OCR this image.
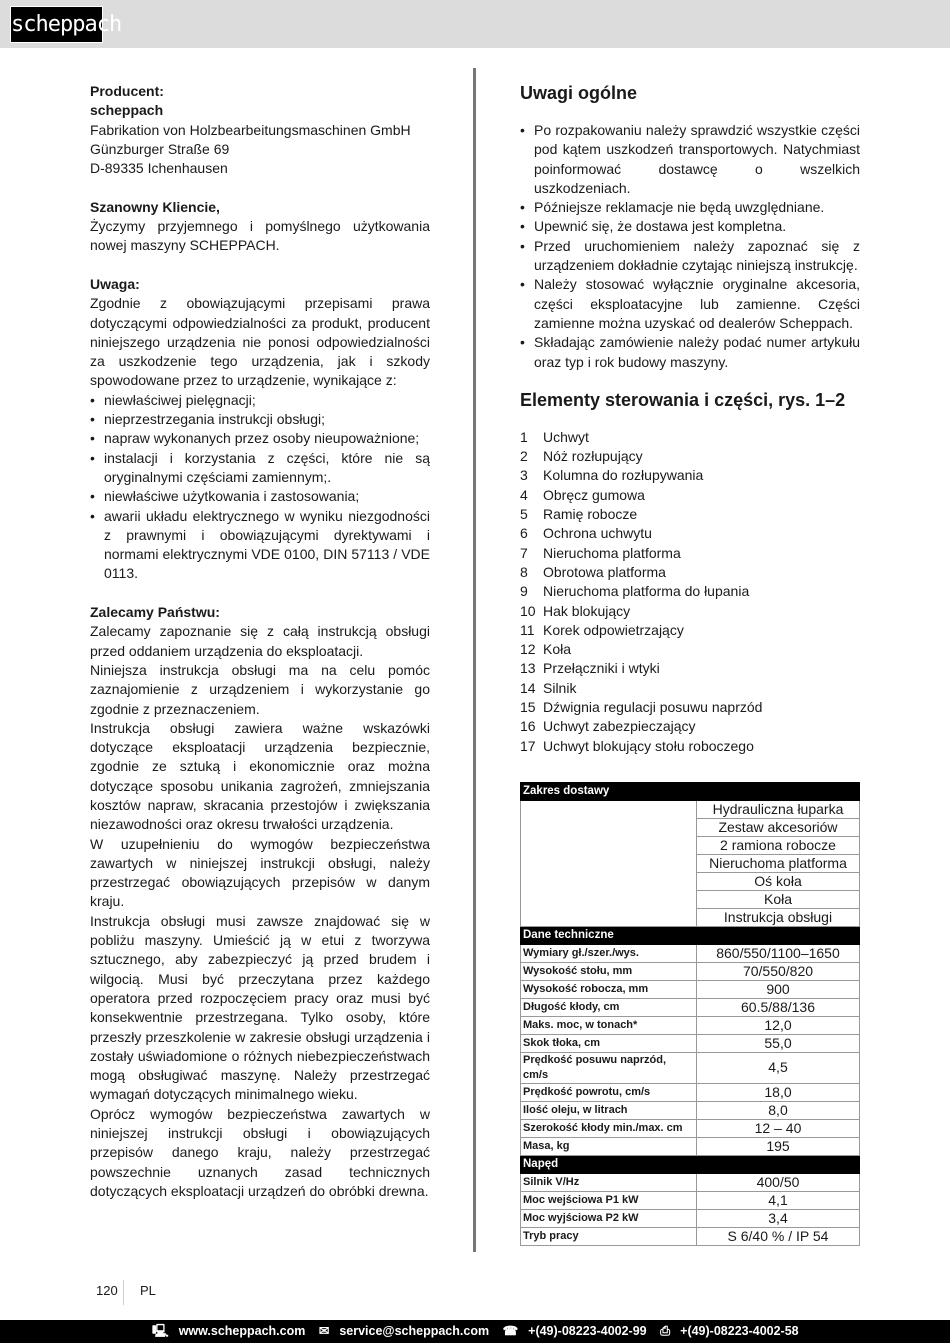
scheppach
Producent:
scheppach
Fabrikation von Holzbearbeitungsmaschinen GmbH
Günzburger Straße 69
D-89335 Ichenhausen
Szanowny Kliencie,

Życzymy przyjemnego i pomyślnego użytkowania nowej maszyny SCHEPPACH.

Uwaga:

Zgodnie z obowiązującymi przepisami prawa dotyczącymi odpowiedzialności za produkt, producent niniejszego urządzenia nie ponosi odpowiedzialności za uszkodzenie tego urządzenia, jak i szkody spowodowane przez to urządzenie, wynikające z:

• niewłaściwej pielęgnacji;
• nieprzestrzegania instrukcji obsługi;
• napraw wykonanych przez osoby nieupoważnione;
• instalacji i korzystania z części, które nie są oryginalnymi częściami zamiennym;.
• niewłaściwe użytkowania i zastosowania;
• awarii układu elektrycznego w wyniku niezgodności z prawnymi i obowiązującymi dyrektywami i normami elektrycznymi VDE 0100, DIN 57113 / VDE 0113.
Zalecamy Państwu:

Zalecamy zapoznanie się z całą instrukcją obsługi przed oddaniem urządzenia do eksploatacji.

Niniejsza instrukcja obsługi ma na celu pomóc zaznajomienie z urządzeniem i wykorzystanie go zgodnie z przeznaczeniem.

Instrukcja obsługi zawiera ważne wskazówki dotyczące eksploatacji urządzenia bezpiecznie, zgodnie ze sztuką i ekonomicznie oraz można dotyczące sposobu unikania zagrożeń, zmniejszania kosztów napraw, skracania przestojów i zwiększania niezawodności oraz okresu trwałości urządzenia.

W uzupełnieniu do wymogów bezpieczeństwa zawartych w niniejszej instrukcji obsługi, należy przestrzegać obowiązujących przepisów w danym kraju.

Instrukcja obsługi musi zawsze znajdować się w pobliżu maszyny. Umieścić ją w etui z tworzywa sztucznego, aby zabezpieczyć ją przed brudem i wilgocią. Musi być przeczytana przez każdego operatora przed rozpoczęciem pracy oraz musi być konsekwentnie przestrzegana. Tylko osoby, które przeszły przeszkolenie w zakresie obsługi urządzenia i zostały uświadomione o różnych niebezpieczeństwach mogą obsługiwać maszynę. Należy przestrzegać wymagań dotyczących minimalnego wieku.

Oprócz wymogów bezpieczeństwa zawartych w niniejszej instrukcji obsługi i obowiązujących przepisów danego kraju, należy przestrzegać powszechnie uznanych zasad technicznych dotyczących eksploatacji urządzeń do obróbki drewna.

Uwagi ogólne
• Po rozpakowaniu należy sprawdzić wszystkie części pod kątem uszkodzeń transportowych. Natychmiast poinformować dostawcę o wszelkich uszkodzeniach.
• Późniejsze reklamacje nie będą uwzględniane.
• Upewnić się, że dostawa jest kompletna.
• Przed uruchomieniem należy zapoznać się z urządzeniem dokładnie czytając niniejszą instrukcję.
• Należy stosować wyłącznie oryginalne akcesoria, części eksploatacyjne lub zamienne. Części zamienne można uzyskać od dealerów Scheppach.
• Składając zamówienie należy podać numer artykułu oraz typ i rok budowy maszyny.
Elementy sterowania i części, rys. 1–2
1	Uchwyt
2	Nóż rozłupujący
3	Kolumna do rozłupywania
4	Obręcz gumowa
5	Ramię robocze
6	Ochrona uchwytu
7	Nieruchoma platforma
8	Obrotowa platforma
9	Nieruchoma platforma do łupania
10 Hak blokujący
11 Korek odpowietrzający
12 Koła
13 Przełączniki i wtyki
14 Silnik
15 Dźwignia regulacji posuwu naprzód
16 Uchwyt zabezpieczający
17 Uchwyt blokujący stołu roboczego
Zakres dostawy	
	Hydrauliczna łuparka
	Zestaw akcesoriów
	2 ramiona robocze
	Nieruchoma platforma
	Oś koła
	Koła
	Instrukcja obsługi
Dane techniczne	
Wymiary gł./szer./wys.	860/550/1100–1650
Wysokość stołu, mm	70/550/820
Wysokość robocza, mm	900
Długość kłody, cm	60.5/88/136
Maks. moc, w tonach*	12,0
Skok tłoka, cm	55,0
Prędkość posuwu naprzód, cm/s	4,5
Prędkość powrotu, cm/s	18,0
Ilość oleju, w litrach	8,0
Szerokość kłody min./max. cm	12 – 40
Masa, kg	195
Napęd	
Silnik V/Hz	400/50
Moc wejściowa P1 kW	4,1
Moc wyjściowa P2 kW	3,4
Tryb pracy	S 6/40 % / IP 54
120 PL
🖳 www.scheppach.com ✉ service@scheppach.com ☎ +(49)-08223-4002-99 ⎙ +(49)-08223-4002-58
